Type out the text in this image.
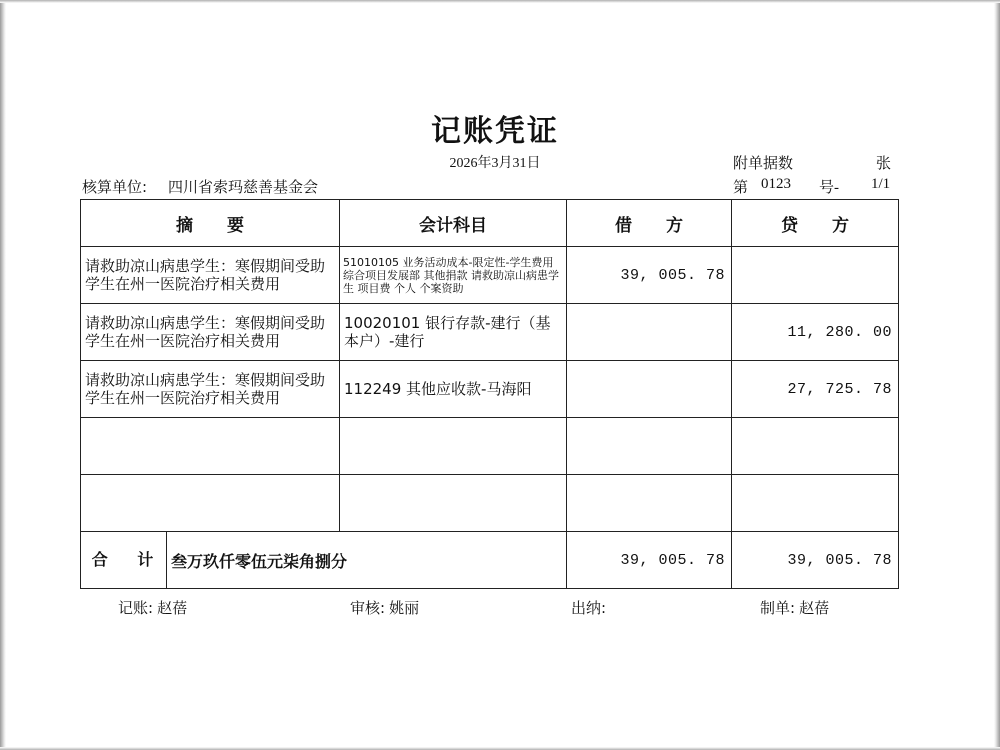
记账凭证
2026年3月31日	附单据数	张
核算单位: 四川省索玛慈善基金会	第 0123 号- 1/1
摘 要	会计科目	借 方	贷 方

请救助凉山病患学生：寒假期间受助学生在州一医院治疗相关费用	51010105 业务活动成本-限定性-学生费用 综合项目发展部 其他捐款 请救助凉山病患学生 项目费 个人 个案资助	39, 005. 78	

请救助凉山病患学生：寒假期间受助学生在州一医院治疗相关费用	10020101 银行存款-建行（基本户）-建行		11, 280. 00

请救助凉山病患学生：寒假期间受助学生在州一医院治疗相关费用	112249 其他应收款-马海阳		27, 725. 78

合 计 叁万玖仟零伍元柒角捌分		39, 005. 78	39, 005. 78
记账: 赵蓓	审核: 姚丽	出纳:	制单: 赵蓓
